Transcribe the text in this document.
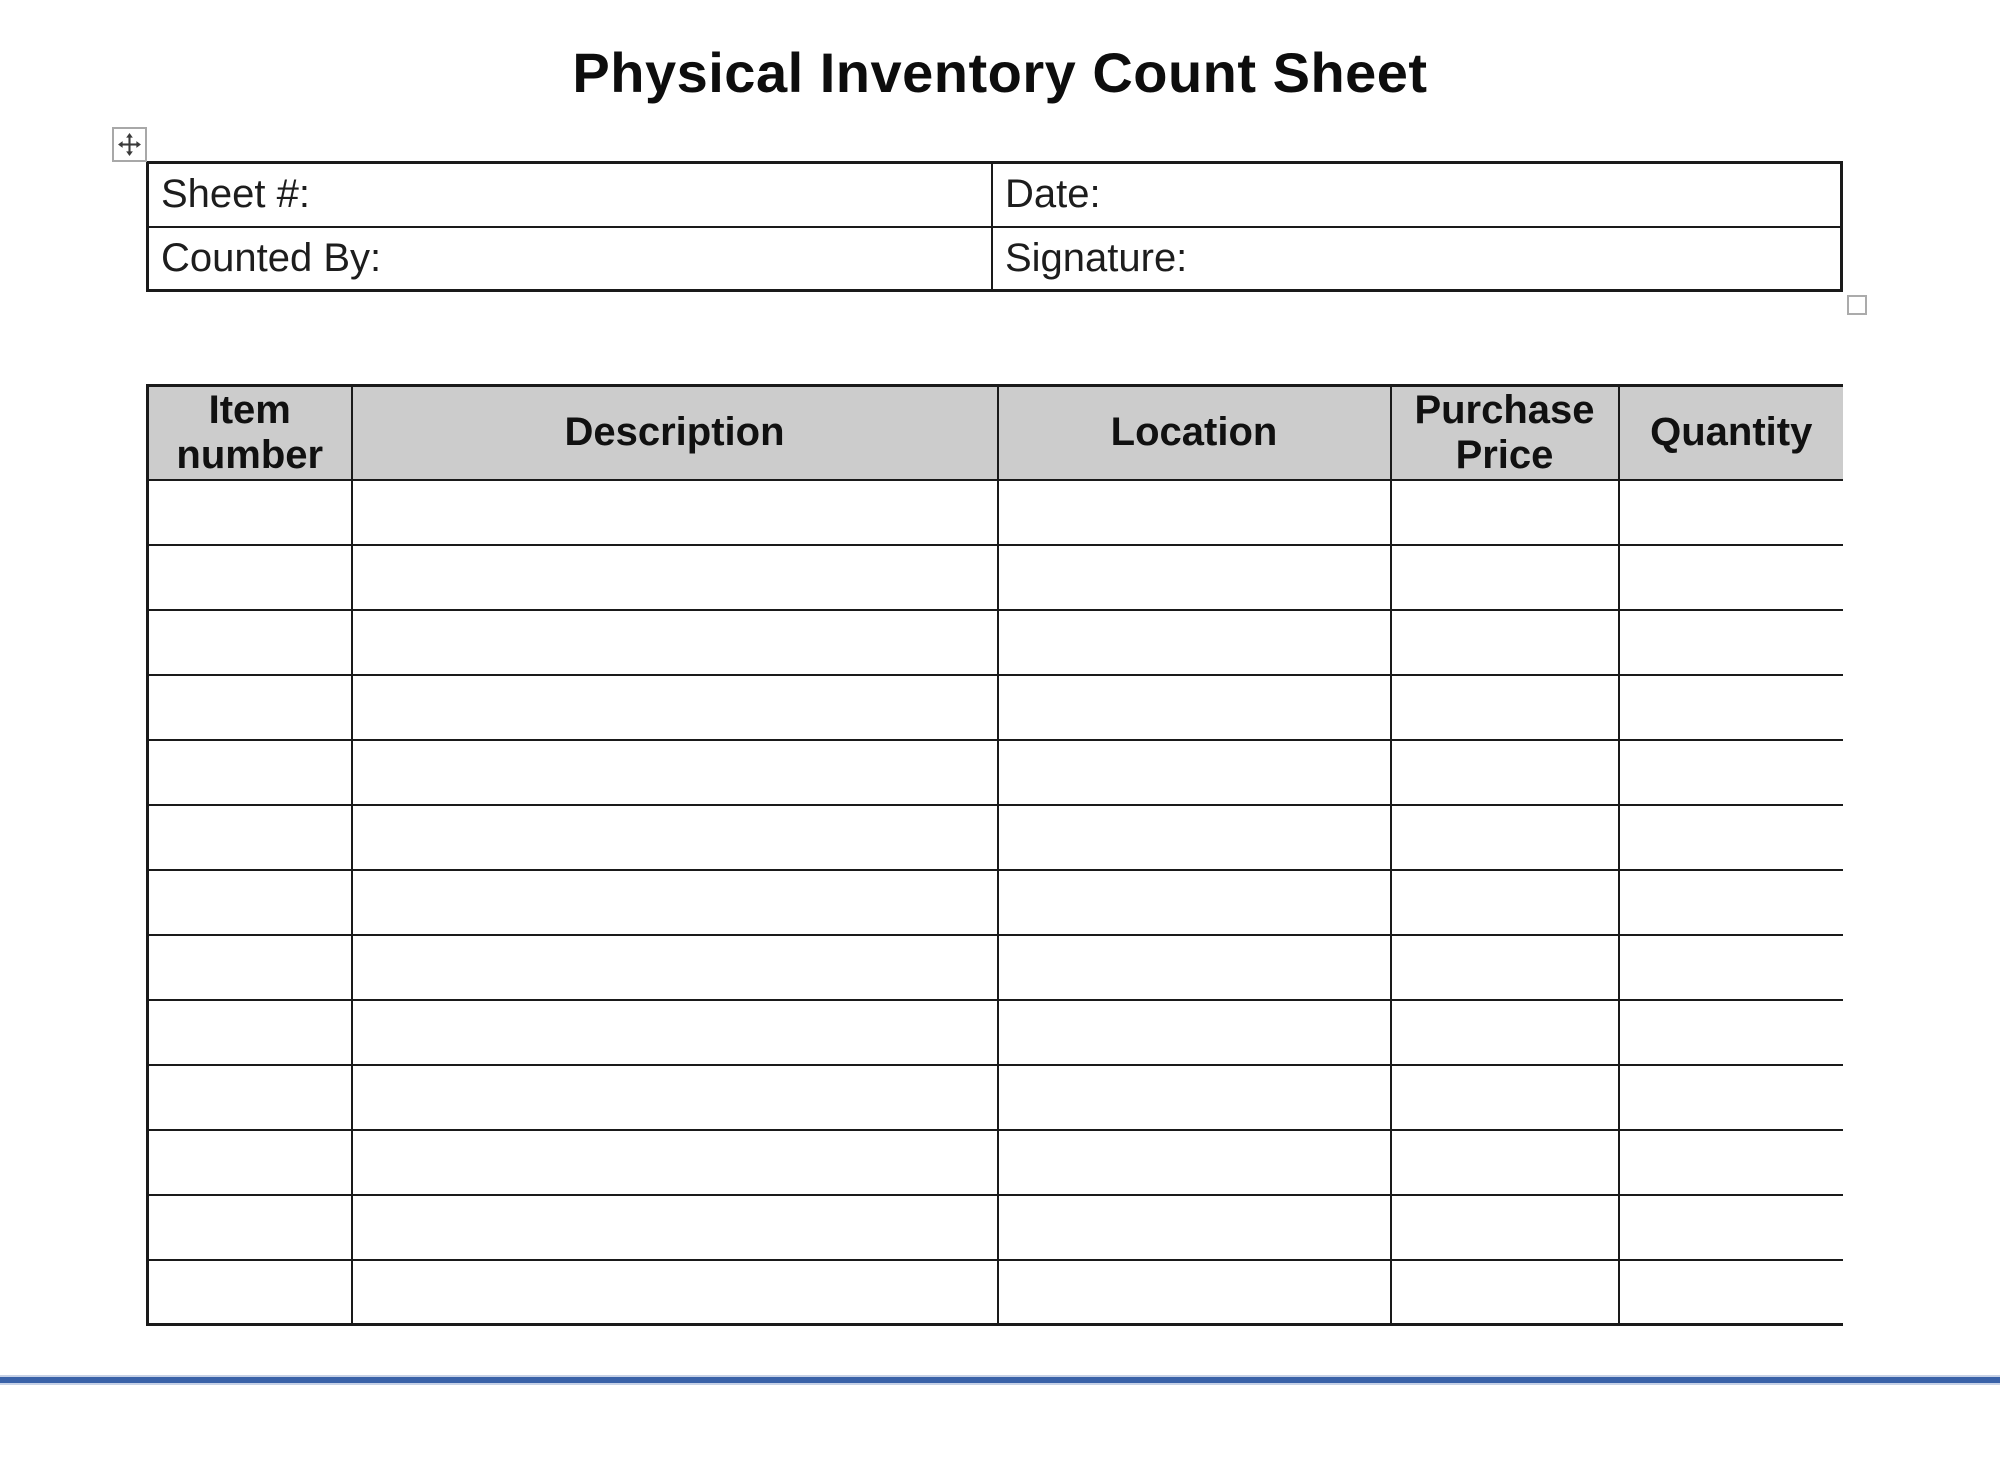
Physical Inventory Count Sheet
Sheet #:	Date:
Counted By:	Signature:
Item number	Description	Location	Purchase Price	Quantity
